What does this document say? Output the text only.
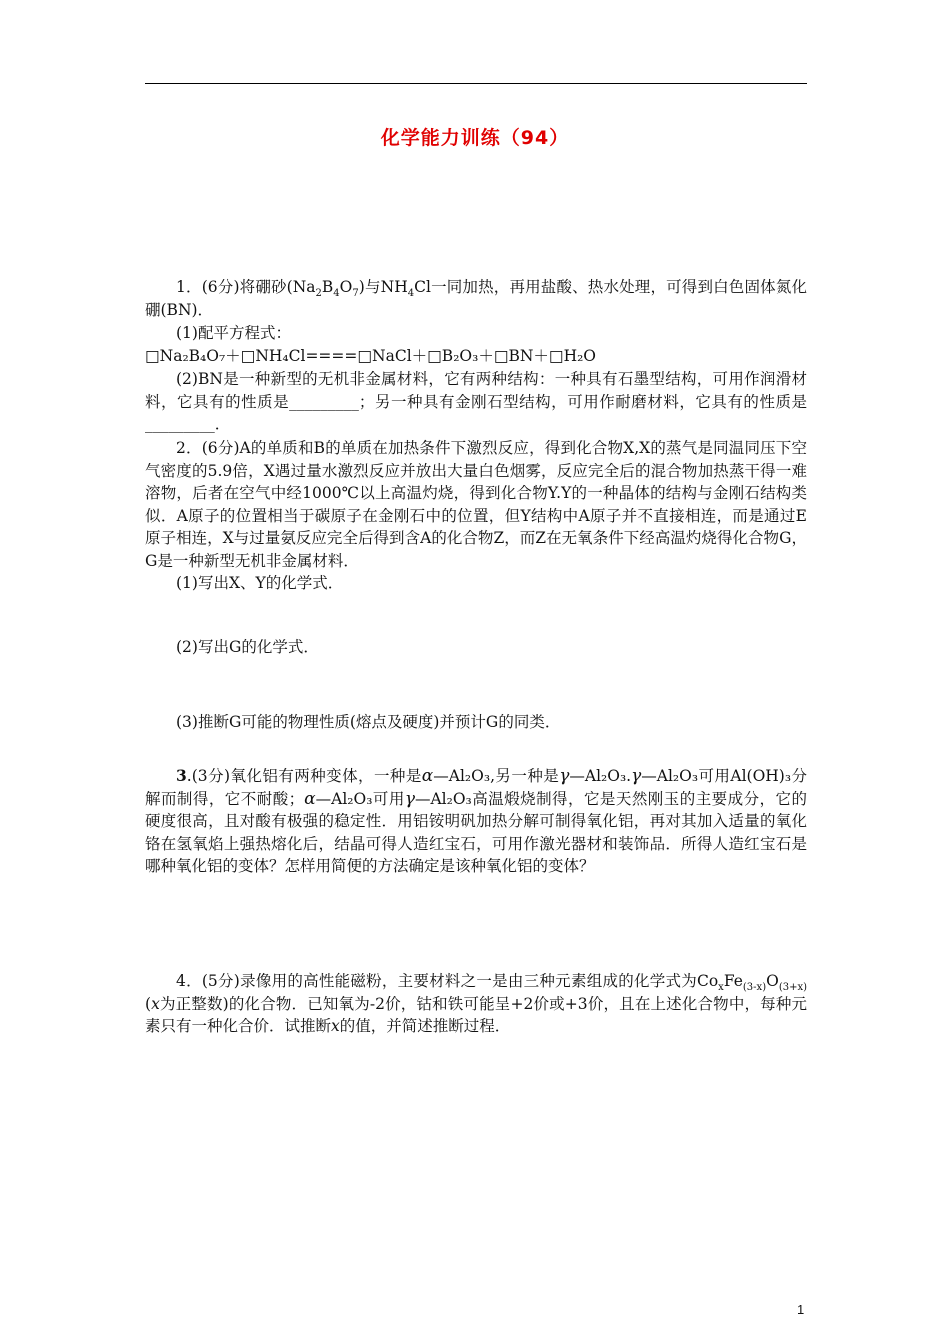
化学能力训练（94）

1．(6分)将硼砂$(Na_2B_4O_7)$与$NH_4Cl$一同加热，再用盐酸、热水处理，可得到白色固体氮化硼(BN)．

(1)配平方程式：
□Na₂B₄O₇＋□NH₄Cl====□NaCl＋□B₂O₃＋□BN＋□H₂O

(2)BN是一种新型的无机非金属材料，它有两种结构：一种具有石墨型结构，可用作润滑材料，它具有的性质是_________；另一种具有金刚石型结构，可用作耐磨材料，它具有的性质是_________．

2．(6分)A的单质和B的单质在加热条件下激烈反应，得到化合物X,X的蒸气是同温同压下空气密度的5.9倍，X遇过量水激烈反应并放出大量白色烟雾，反应完全后的混合物加热蒸干得一难溶物，后者在空气中经1000℃以上高温灼烧，得到化合物Y.Y的一种晶体的结构与金刚石结构类似．A原子的位置相当于碳原子在金刚石中的位置，但Y结构中A原子并不直接相连，而是通过E原子相连，X与过量氨反应完全后得到含A的化合物Z，而Z在无氧条件下经高温灼烧得化合物G，G是一种新型无机非金属材料．

(1)写出X、Y的化学式．
(2)写出G的化学式．
(3)推断G可能的物理性质(熔点及硬度)并预计G的同类．

3.(3分)氧化铝有两种变体，一种是α—Al₂O₃,另一种是γ—Al₂O₃.γ—Al₂O₃可用Al(OH)₃分解而制得，它不耐酸；α—Al₂O₃可用γ—Al₂O₃高温煅烧制得，它是天然刚玉的主要成分，它的硬度很高，且对酸有极强的稳定性．用铝铵明矾加热分解可制得氧化铝，再对其加入适量的氧化铬在氢氧焰上强热熔化后，结晶可得人造红宝石，可用作激光器材和装饰品．所得人造红宝石是哪种氧化铝的变体？怎样用简便的方法确定是该种氧化铝的变体？

4．(5分)录像用的高性能磁粉，主要材料之一是由三种元素组成的化学式为$Co_xFe_{(3-x)}O_{(3+x)}(x$为正整数)的化合物．已知氧为-2价，钴和铁可能呈+2价或+3价，且在上述化合物中，每种元素只有一种化合价．试推断x的值，并简述推断过程．

1
